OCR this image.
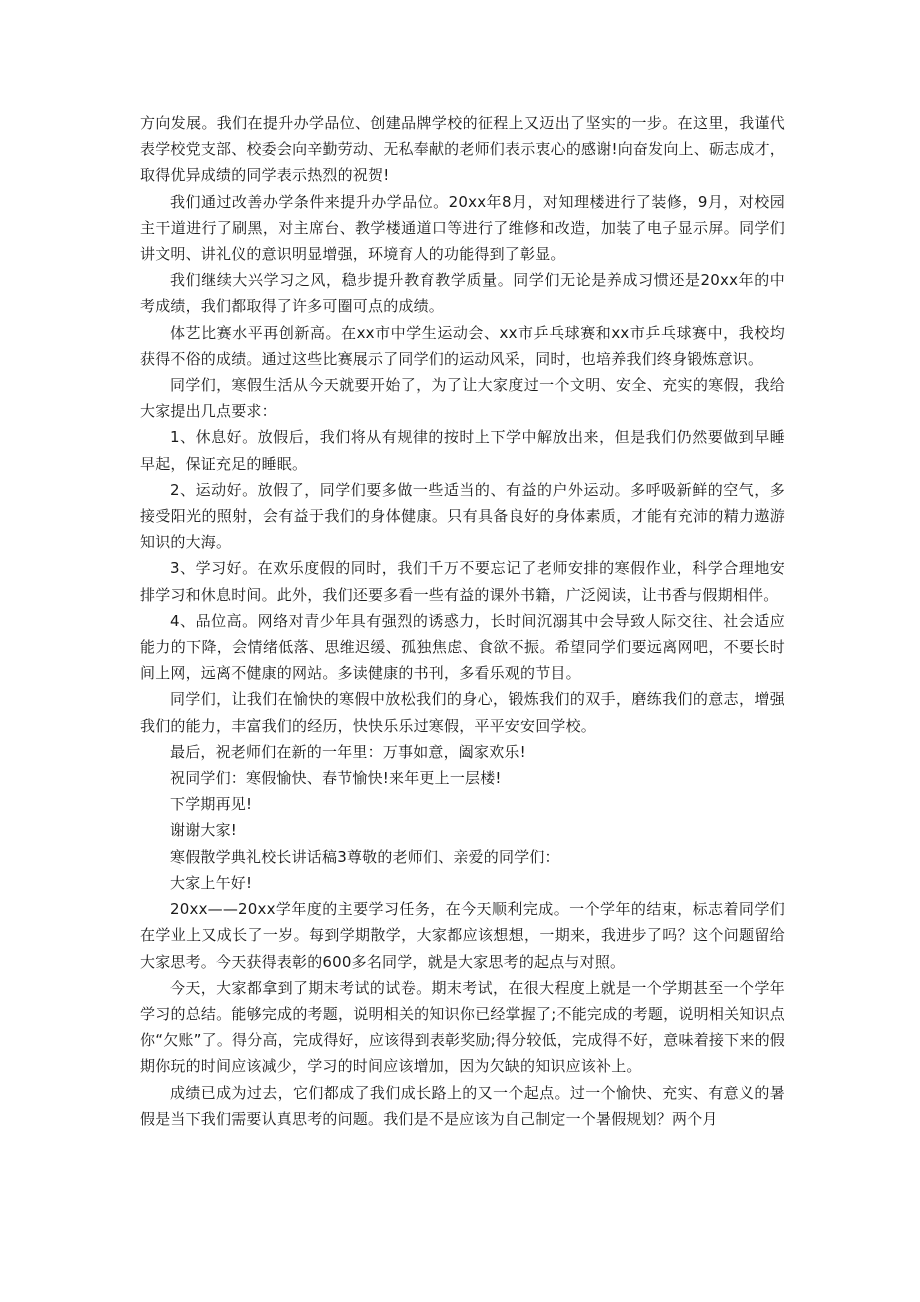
方向发展。我们在提升办学品位、创建品牌学校的征程上又迈出了坚实的一步。在这里，我谨代表学校党支部、校委会向辛勤劳动、无私奉献的老师们表示衷心的感谢!向奋发向上、砺志成才，取得优异成绩的同学表示热烈的祝贺!

我们通过改善办学条件来提升办学品位。20xx年8月，对知理楼进行了装修，9月，对校园主干道进行了刷黑，对主席台、教学楼通道口等进行了维修和改造，加装了电子显示屏。同学们讲文明、讲礼仪的意识明显增强，环境育人的功能得到了彰显。

我们继续大兴学习之风，稳步提升教育教学质量。同学们无论是养成习惯还是20xx年的中考成绩，我们都取得了许多可圈可点的成绩。

体艺比赛水平再创新高。在xx市中学生运动会、xx市乒乓球赛和xx市乒乓球赛中，我校均获得不俗的成绩。通过这些比赛展示了同学们的运动风采，同时，也培养我们终身锻炼意识。

同学们，寒假生活从今天就要开始了，为了让大家度过一个文明、安全、充实的寒假，我给大家提出几点要求：

1、休息好。放假后，我们将从有规律的按时上下学中解放出来，但是我们仍然要做到早睡早起，保证充足的睡眠。

2、运动好。放假了，同学们要多做一些适当的、有益的户外运动。多呼吸新鲜的空气，多接受阳光的照射，会有益于我们的身体健康。只有具备良好的身体素质，才能有充沛的精力遨游知识的大海。

3、学习好。在欢乐度假的同时，我们千万不要忘记了老师安排的寒假作业，科学合理地安排学习和休息时间。此外，我们还要多看一些有益的课外书籍，广泛阅读，让书香与假期相伴。

4、品位高。网络对青少年具有强烈的诱惑力，长时间沉溺其中会导致人际交往、社会适应能力的下降，会情绪低落、思维迟缓、孤独焦虑、食欲不振。希望同学们要远离网吧，不要长时间上网，远离不健康的网站。多读健康的书刊，多看乐观的节目。

同学们，让我们在愉快的寒假中放松我们的身心，锻炼我们的双手，磨练我们的意志，增强我们的能力，丰富我们的经历，快快乐乐过寒假，平平安安回学校。

最后，祝老师们在新的一年里：万事如意，阖家欢乐!

祝同学们：寒假愉快、春节愉快!来年更上一层楼!

下学期再见!

谢谢大家!

寒假散学典礼校长讲话稿3尊敬的老师们、亲爱的同学们：

大家上午好!

20xx——20xx学年度的主要学习任务，在今天顺利完成。一个学年的结束，标志着同学们在学业上又成长了一岁。每到学期散学，大家都应该想想，一期来，我进步了吗？这个问题留给大家思考。今天获得表彰的600多名同学，就是大家思考的起点与对照。

今天，大家都拿到了期末考试的试卷。期末考试，在很大程度上就是一个学期甚至一个学年学习的总结。能够完成的考题，说明相关的知识你已经掌握了;不能完成的考题，说明相关知识点你“欠账”了。得分高，完成得好，应该得到表彰奖励;得分较低，完成得不好，意味着接下来的假期你玩的时间应该减少，学习的时间应该增加，因为欠缺的知识应该补上。

成绩已成为过去，它们都成了我们成长路上的又一个起点。过一个愉快、充实、有意义的暑假是当下我们需要认真思考的问题。我们是不是应该为自己制定一个暑假规划？两个月
